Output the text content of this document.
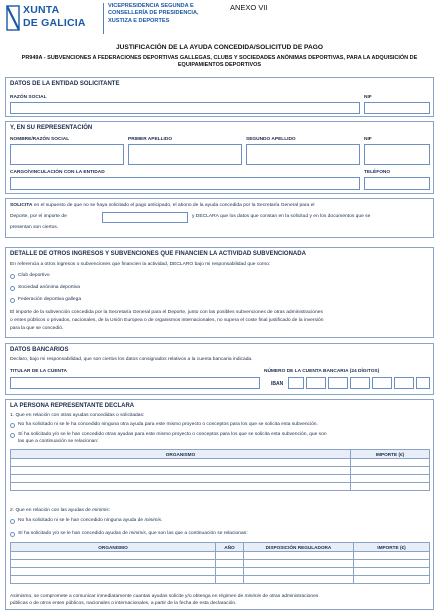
XUNTA
DE GALICIA
VICEPRESIDENCIA SEGUNDA E
CONSELLERÍA DE PRESIDENCIA,
XUSTIZA E DEPORTES
ANEXO VII
JUSTIFICACIÓN DE LA AYUDA CONCEDIDA/SOLICITUD DE PAGO
PR949A - SUBVENCIONES A FEDERACIONES DEPORTIVAS GALLEGAS, CLUBS Y SOCIEDADES ANÓNIMAS DEPORTIVAS, PARA LA ADQUISICIÓN DE EQUIPAMIENTOS DEPORTIVOS
DATOS DE LA ENTIDAD SOLICITANTE
RAZÓN SOCIAL	NIF
Y, EN SU REPRESENTACIÓN
NOMBRE/RAZÓN SOCIAL	PRIMER APELLIDO	SEGUNDO APELLIDO	NIF
CARGO/VINCULACIÓN CON LA ENTIDAD	TELÉFONO
SOLICITA en el supuesto de que no se haya solicitado el pago anticipado, el abono de la ayuda concedida por la Secretaría General para el
Deporte, por el importe de	y DECLARA que los datos que constan en la solicitud y en los documentos que se
presentan son ciertos.
DETALLE DE OTROS INGRESOS Y SUBVENCIONES QUE FINANCIEN LA ACTIVIDAD SUBVENCIONADA
En referencia a otros ingresos o subvenciones que financien la actividad, DECLARO bajo mi responsabilidad que como:
Club deportivo
Sociedad anónima deportiva
Federación deportiva gallega
El importe de la subvención concedida por la Secretaría General para el Deporte, junto con las posibles subvenciones de otras administraciones
o entes públicos o privados, nacionales, de la Unión Europea o de organismos internacionales, no supera el coste final justificado de la inversión
para la que se concedió.
DATOS BANCARIOS
Declaro, bajo mi responsabilidad, que son ciertos los datos consignados relativos a la cuenta bancaria indicada.
TITULAR DE LA CUENTA	NÚMERO DE LA CUENTA BANCARIA (24 DÍGITOS)
IBAN
LA PERSONA REPRESENTANTE DECLARA
1. Que en relación con otras ayudas concedidas o solicitadas:
No ha solicitado ni se le ha concedido ninguna otra ayuda para este mismo proyecto o conceptos para los que se solicita esta subvención.
Sí ha solicitado y/o se le han concedido otras ayudas para este mismo proyecto o conceptos para los que se solicita esta subvención, que son
las que a continuación se relacionan:
ORGANISMO	IMPORTE (€)

2. Que en relación con las ayudas de minimis:
No ha solicitado ni se le han concedido ninguna ayuda de minimis.
Sí ha solicitado y/o se le han concedido ayudas de minimis, que son las que a continuación se relacionan:
ORGANISMO	AÑO	DISPOSICIÓN REGULADORA	IMPORTE (€)

Asimismo, se compromete a comunicar inmediatamente cuantas ayudas solicite y/o obtenga en régimen de minimis de otras administraciones
públicas o de otros entes públicos, nacionales o internacionales, a partir de la fecha de esta declaración.
